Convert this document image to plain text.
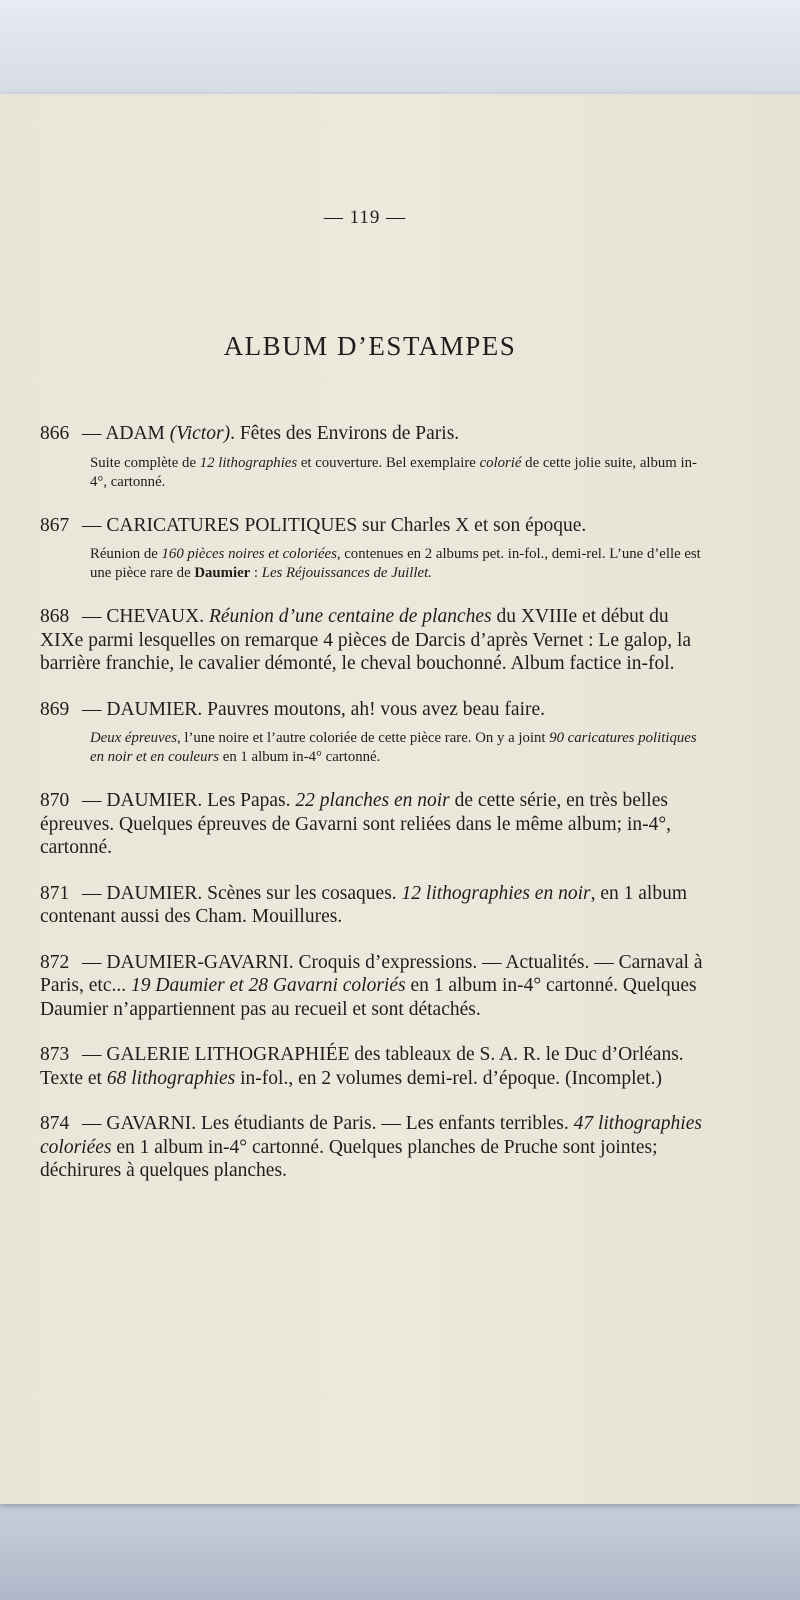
— 119 —
ALBUM D’ESTAMPES
866 — ADAM (Victor). Fêtes des Environs de Paris.
Suite complète de 12 lithographies et couverture. Bel exemplaire colorié de cette jolie suite, album in-4°, cartonné.
867 — CARICATURES POLITIQUES sur Charles X et son époque.
Réunion de 160 pièces noires et coloriées, contenues en 2 albums pet. in-fol., demi-rel. L’une d’elle est une pièce rare de Daumier : Les Réjouissances de Juillet.
868 — CHEVAUX. Réunion d’une centaine de planches du XVIIIe et début du XIXe parmi lesquelles on remarque 4 pièces de Darcis d’après Vernet : Le galop, la barrière franchie, le cavalier démonté, le cheval bouchonné. Album factice in-fol.
869 — DAUMIER. Pauvres moutons, ah! vous avez beau faire.
Deux épreuves, l’une noire et l’autre coloriée de cette pièce rare. On y a joint 90 caricatures politiques en noir et en couleurs en 1 album in-4° cartonné.
870 — DAUMIER. Les Papas. 22 planches en noir de cette série, en très belles épreuves. Quelques épreuves de Gavarni sont reliées dans le même album; in-4°, cartonné.
871 — DAUMIER. Scènes sur les cosaques. 12 lithographies en noir, en 1 album contenant aussi des Cham. Mouillures.
872 — DAUMIER-GAVARNI. Croquis d’expressions. — Actualités. — Carnaval à Paris, etc... 19 Daumier et 28 Gavarni coloriés en 1 album in-4° cartonné. Quelques Daumier n’appartiennent pas au recueil et sont détachés.
873 — GALERIE LITHOGRAPHIÉE des tableaux de S. A. R. le Duc d’Orléans. Texte et 68 lithographies in-fol., en 2 volumes demi-rel. d’époque. (Incomplet.)
874 — GAVARNI. Les étudiants de Paris. — Les enfants terribles. 47 lithographies coloriées en 1 album in-4° cartonné. Quelques planches de Pruche sont jointes; déchirures à quelques planches.
